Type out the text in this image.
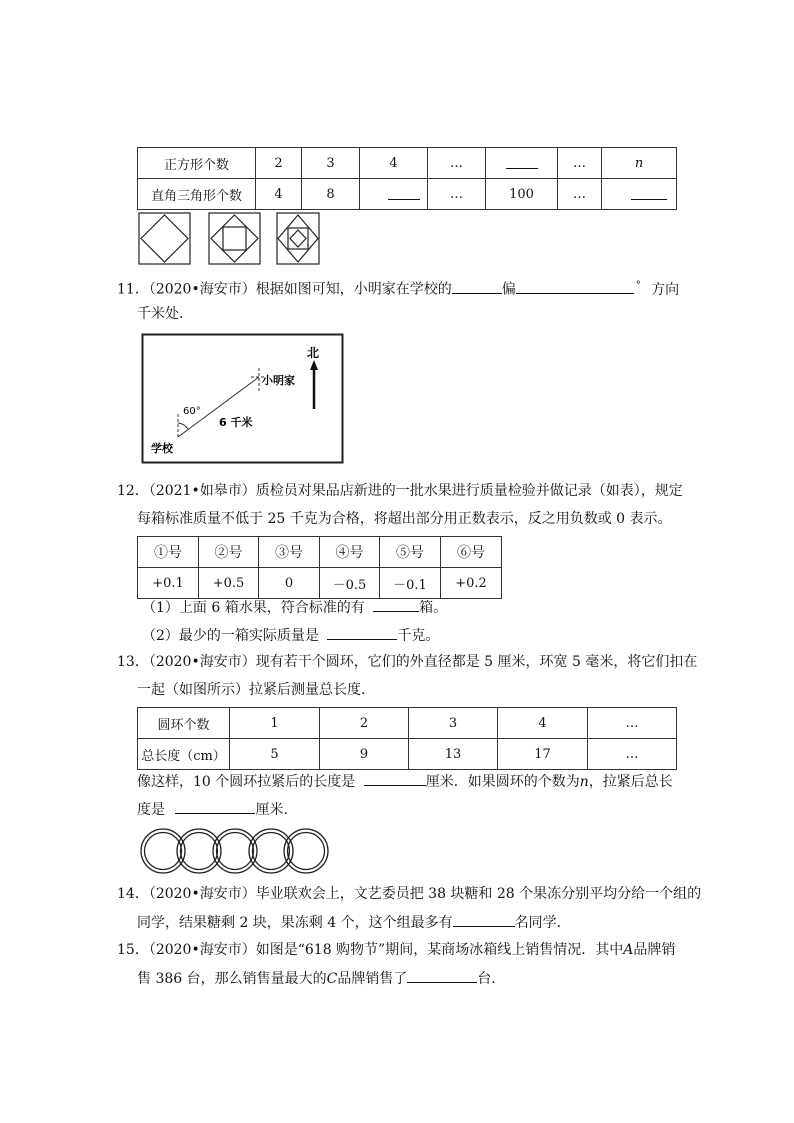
正方形个数	2	3	4	…		…	n
直角三角形个数	4	8		…	100	…	
11．（2020•海安市）根据如图可知，小明家在学校的	偏	° 方向
千米处．
北
小明家
60°
6 千米
学校
12．（2021•如皋市）质检员对果品店新进的一批水果进行质量检验并做记录（如表），规定
每箱标准质量不低于 25 千克为合格，将超出部分用正数表示，反之用负数或 0 表示。
①号	②号	③号	④号	⑤号	⑥号
+0.1	+0.5	0	－0.5	－0.1	+0.2
（1）上面 6 箱水果，符合标准的有	箱。
（2）最少的一箱实际质量是	千克。
13．（2020•海安市）现有若干个圆环，它们的外直径都是 5 厘米，环宽 5 毫米，将它们扣在
一起（如图所示）拉紧后测量总长度．
圆环个数	1	2	3	4	…
总长度（cm）	5	9	13	17	…
像这样，10 个圆环拉紧后的长度是	厘米．如果圆环的个数为n，拉紧后总长
度是	厘米．
14．（2020•海安市）毕业联欢会上，文艺委员把 38 块糖和 28 个果冻分别平均分给一个组的
同学，结果糖剩 2 块，果冻剩 4 个，这个组最多有	名同学．
15．（2020•海安市）如图是“618 购物节”期间，某商场冰箱线上销售情况．其中A品牌销
售 386 台，那么销售量最大的C品牌销售了	台．
